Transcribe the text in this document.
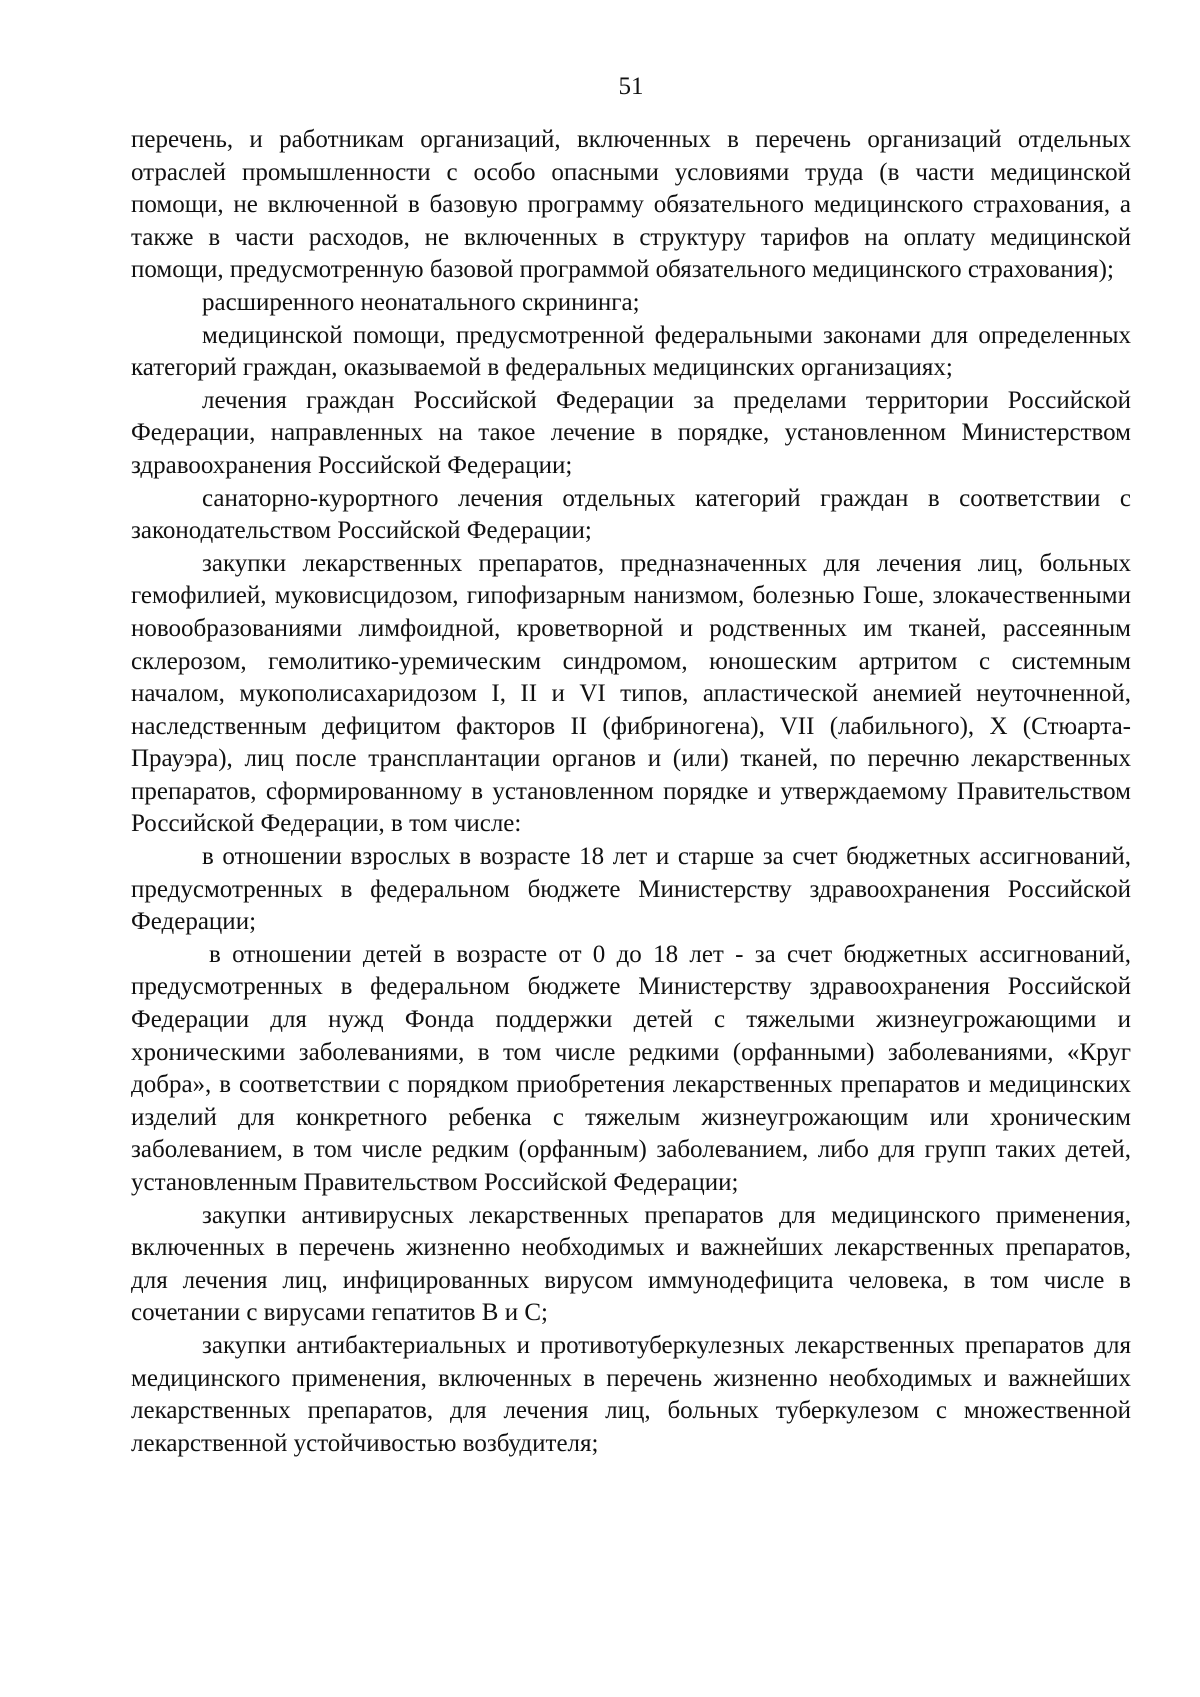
51

перечень, и работникам организаций, включенных в перечень организаций отдельных отраслей промышленности с особо опасными условиями труда (в части медицинской помощи, не включенной в базовую программу обязательного медицинского страхования, а также в части расходов, не включенных в структуру тарифов на оплату медицинской помощи, предусмотренную базовой программой обязательного медицинского страхования);

расширенного неонатального скрининга;

медицинской помощи, предусмотренной федеральными законами для определенных категорий граждан, оказываемой в федеральных медицинских организациях;

лечения граждан Российской Федерации за пределами территории Российской Федерации, направленных на такое лечение в порядке, установленном Министерством здравоохранения Российской Федерации;

санаторно-курортного лечения отдельных категорий граждан в соответствии с законодательством Российской Федерации;

закупки лекарственных препаратов, предназначенных для лечения лиц, больных гемофилией, муковисцидозом, гипофизарным нанизмом, болезнью Гоше, злокачественными новообразованиями лимфоидной, кроветворной и родственных им тканей, рассеянным склерозом, гемолитико-уремическим синдромом, юношеским артритом с системным началом, мукополисахаридозом I, II и VI типов, апластической анемией неуточненной, наследственным дефицитом факторов II (фибриногена), VII (лабильного), X (Стюарта-Прауэра), лиц после трансплантации органов и (или) тканей, по перечню лекарственных препаратов, сформированному в установленном порядке и утверждаемому Правительством Российской Федерации, в том числе:

в отношении взрослых в возрасте 18 лет и старше за счет бюджетных ассигнований, предусмотренных в федеральном бюджете Министерству здравоохранения Российской Федерации;

в отношении детей в возрасте от 0 до 18 лет - за счет бюджетных ассигнований, предусмотренных в федеральном бюджете Министерству здравоохранения Российской Федерации для нужд Фонда поддержки детей с тяжелыми жизнеугрожающими и хроническими заболеваниями, в том числе редкими (орфанными) заболеваниями, «Круг добра», в соответствии с порядком приобретения лекарственных препаратов и медицинских изделий для конкретного ребенка с тяжелым жизнеугрожающим или хроническим заболеванием, в том числе редким (орфанным) заболеванием, либо для групп таких детей, установленным Правительством Российской Федерации;

закупки антивирусных лекарственных препаратов для медицинского применения, включенных в перечень жизненно необходимых и важнейших лекарственных препаратов, для лечения лиц, инфицированных вирусом иммунодефицита человека, в том числе в сочетании с вирусами гепатитов B и C;

закупки антибактериальных и противотуберкулезных лекарственных препаратов для медицинского применения, включенных в перечень жизненно необходимых и важнейших лекарственных препаратов, для лечения лиц, больных туберкулезом с множественной лекарственной устойчивостью возбудителя;
